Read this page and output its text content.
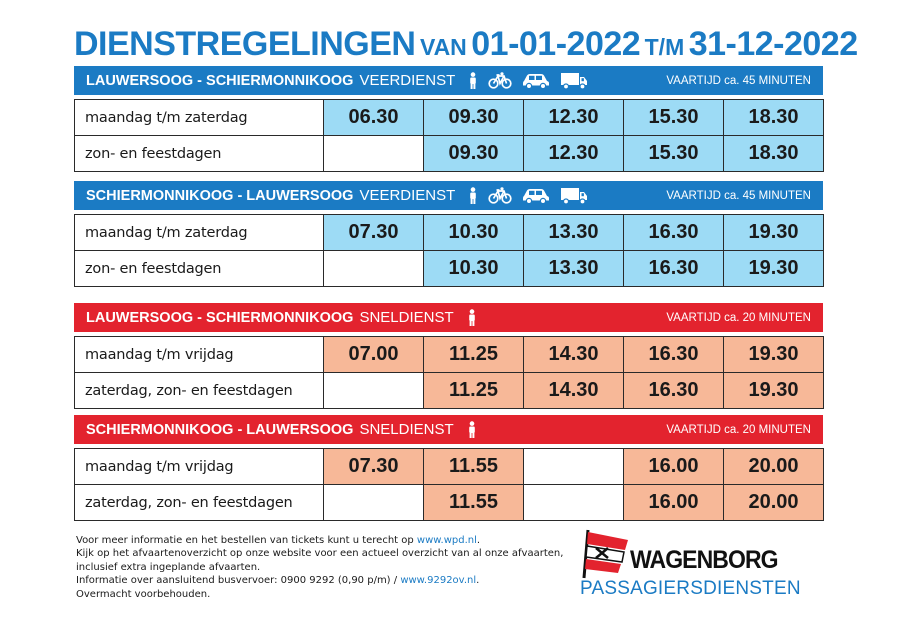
DIENSTREGELINGEN VAN 01-01-2022 T/M 31-12-2022
LAUWERSOOG - SCHIERMONNIKOOG VEERDIENST	VAARTIJD ca. 45 MINUTEN
maandag t/m zaterdag	06.30	09.30	12.30	15.30	18.30
zon- en feestdagen		09.30	12.30	15.30	18.30
SCHIERMONNIKOOG - LAUWERSOOG VEERDIENST	VAARTIJD ca. 45 MINUTEN
maandag t/m zaterdag	07.30	10.30	13.30	16.30	19.30
zon- en feestdagen		10.30	13.30	16.30	19.30
LAUWERSOOG - SCHIERMONNIKOOG SNELDIENST	VAARTIJD ca. 20 MINUTEN
maandag t/m vrijdag	07.00	11.25	14.30	16.30	19.30
zaterdag, zon- en feestdagen		11.25	14.30	16.30	19.30
SCHIERMONNIKOOG - LAUWERSOOG SNELDIENST	VAARTIJD ca. 20 MINUTEN
maandag t/m vrijdag	07.30	11.55		16.00	20.00
zaterdag, zon- en feestdagen		11.55		16.00	20.00
Voor meer informatie en het bestellen van tickets kunt u terecht op www.wpd.nl.
Kijk op het afvaartenoverzicht op onze website voor een actueel overzicht van al onze afvaarten,
inclusief extra ingeplande afvaarten.
Informatie over aansluitend busvervoer: 0900 9292 (0,90 p/m) / www.9292ov.nl.
Overmacht voorbehouden.
WAGENBORG
PASSAGIERSDIENSTEN
